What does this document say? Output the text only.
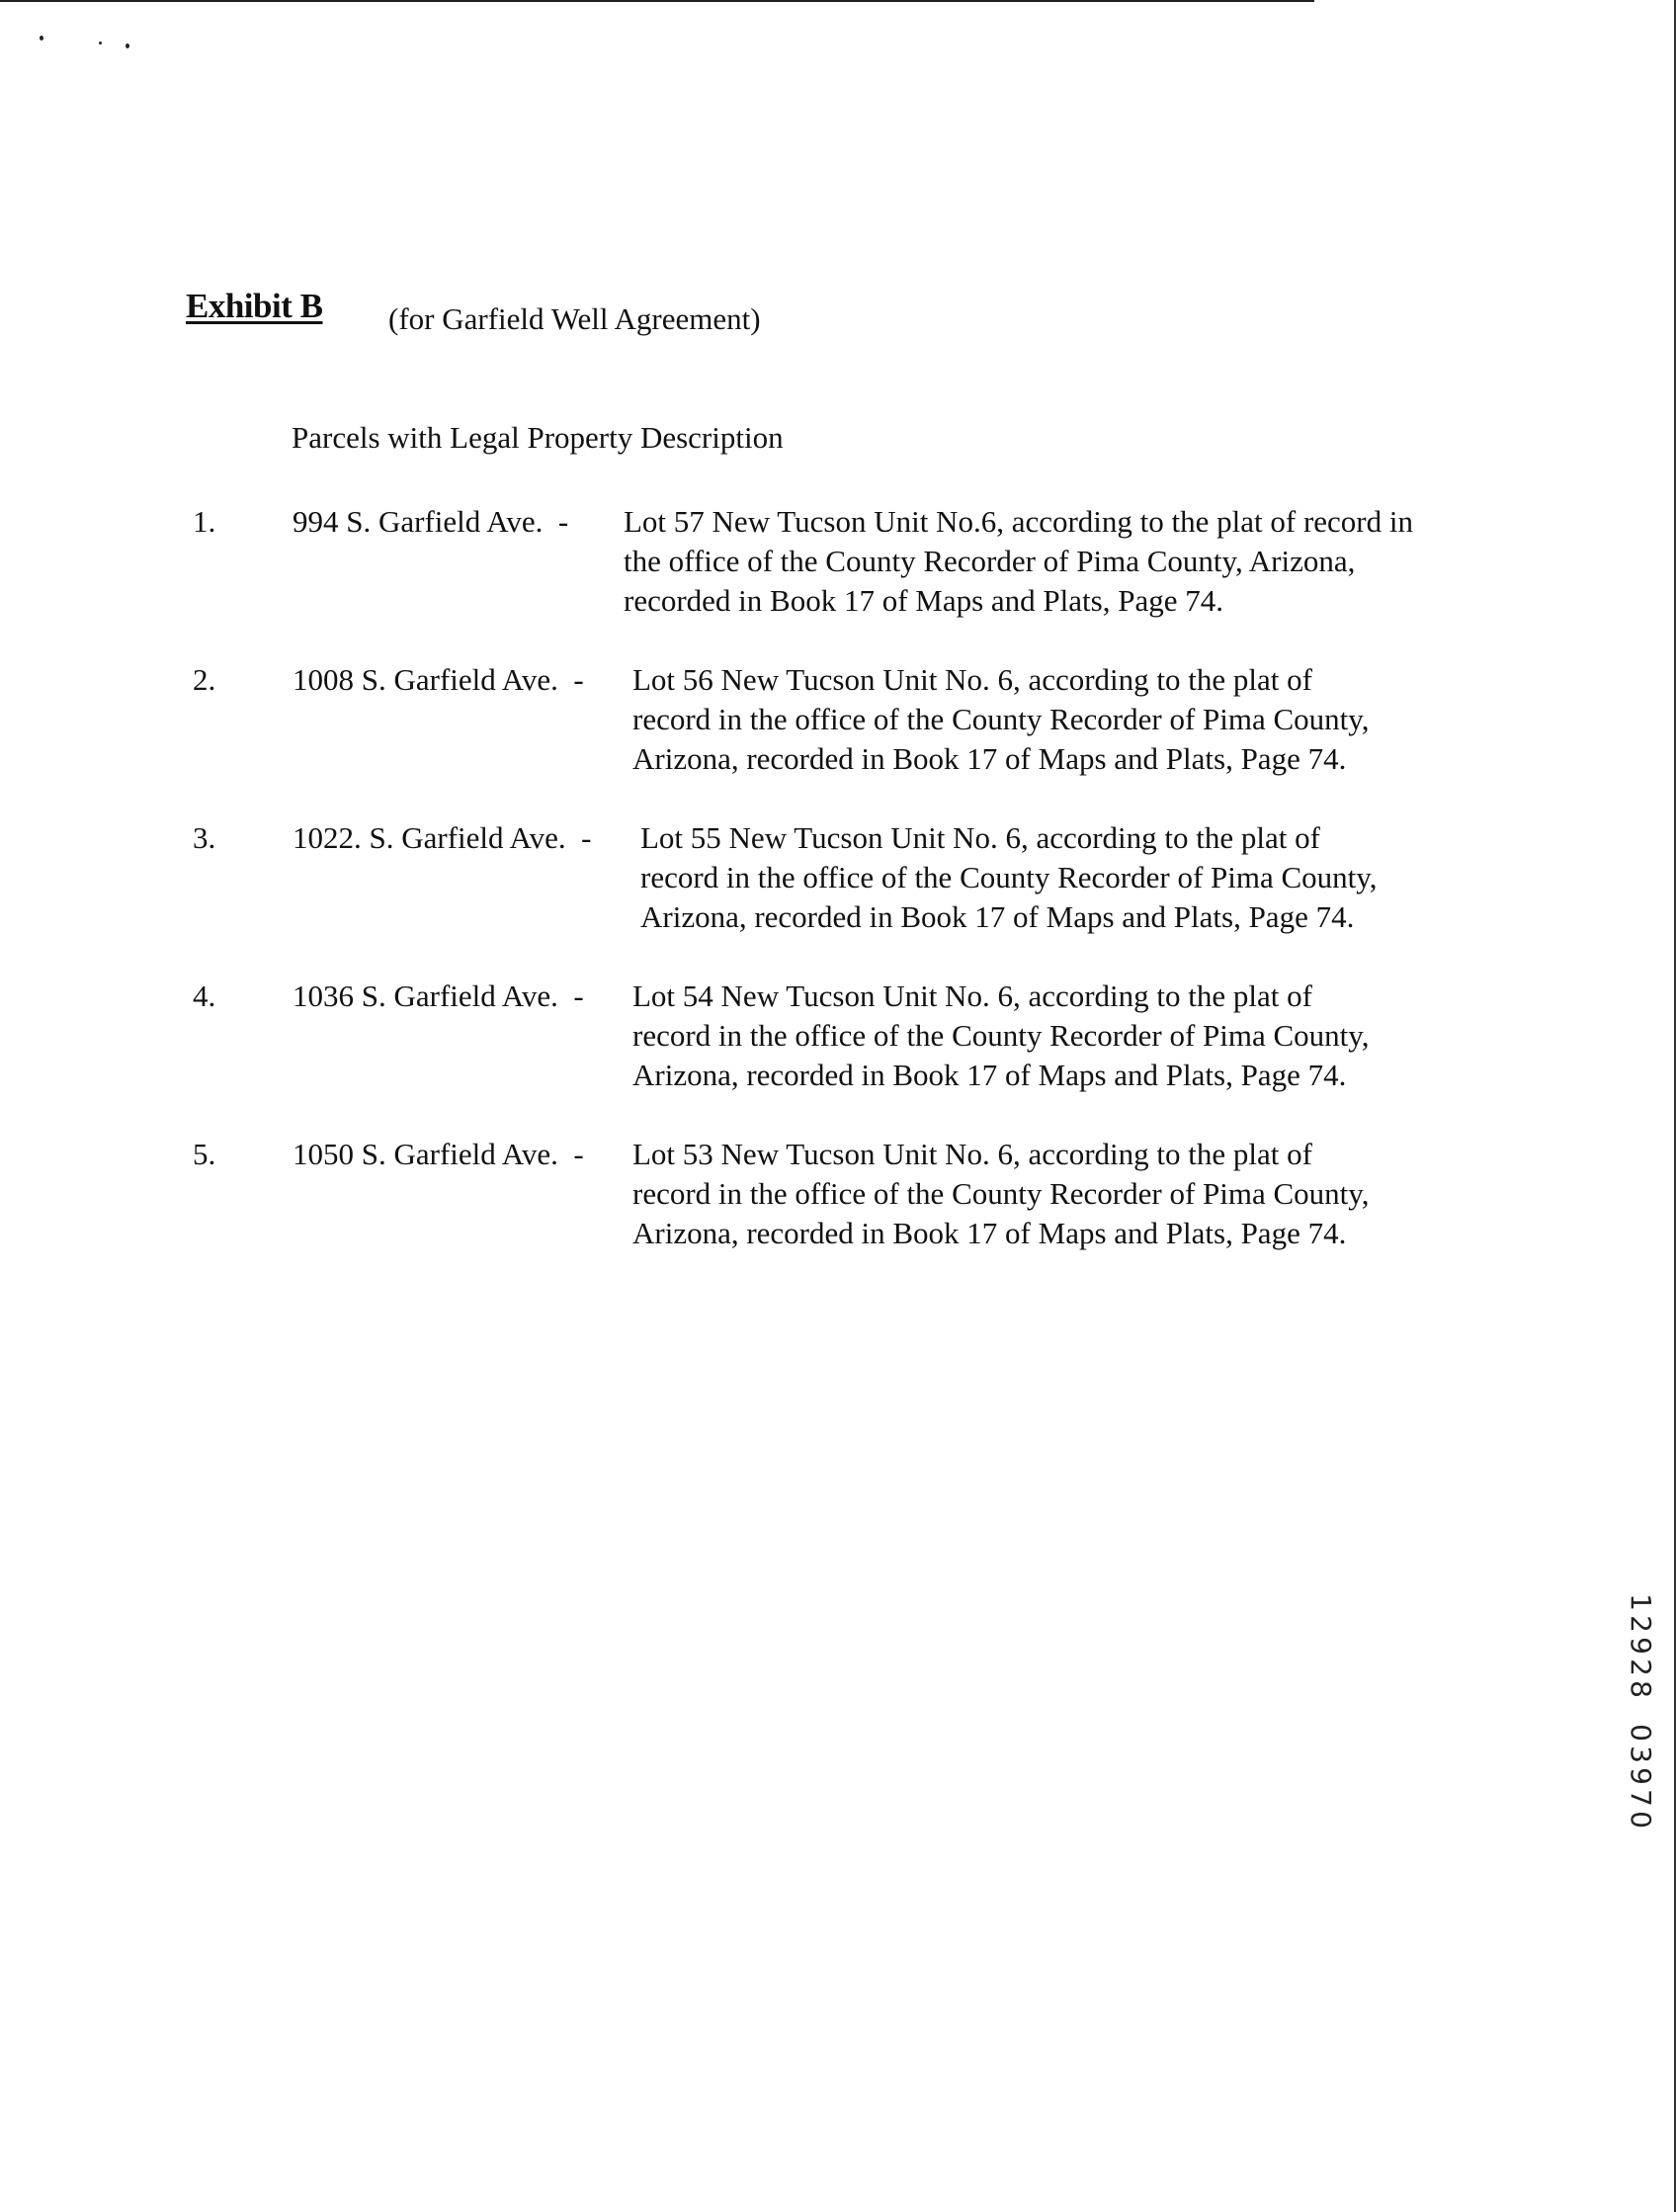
Exhibit B (for Garfield Well Agreement)
Parcels with Legal Property Description
1.	994 S. Garfield Ave.  - Lot 57 New Tucson Unit No.6, according to the plat of record in
the office of the County Recorder of Pima County, Arizona,
recorded in Book 17 of Maps and Plats, Page 74.
2.	1008 S. Garfield Ave.  - Lot 56 New Tucson Unit No. 6, according to the plat of
record in the office of the County Recorder of Pima County,
Arizona, recorded in Book 17 of Maps and Plats, Page 74.
3.	1022. S. Garfield Ave.  - Lot 55 New Tucson Unit No. 6, according to the plat of
record in the office of the County Recorder of Pima County,
Arizona, recorded in Book 17 of Maps and Plats, Page 74.
4.	1036 S. Garfield Ave.  - Lot 54 New Tucson Unit No. 6, according to the plat of
record in the office of the County Recorder of Pima County,
Arizona, recorded in Book 17 of Maps and Plats, Page 74.
5.	1050 S. Garfield Ave.  - Lot 53 New Tucson Unit No. 6, according to the plat of
record in the office of the County Recorder of Pima County,
Arizona, recorded in Book 17 of Maps and Plats, Page 74.
1
2
9
2
8

0
3
9
7
0
